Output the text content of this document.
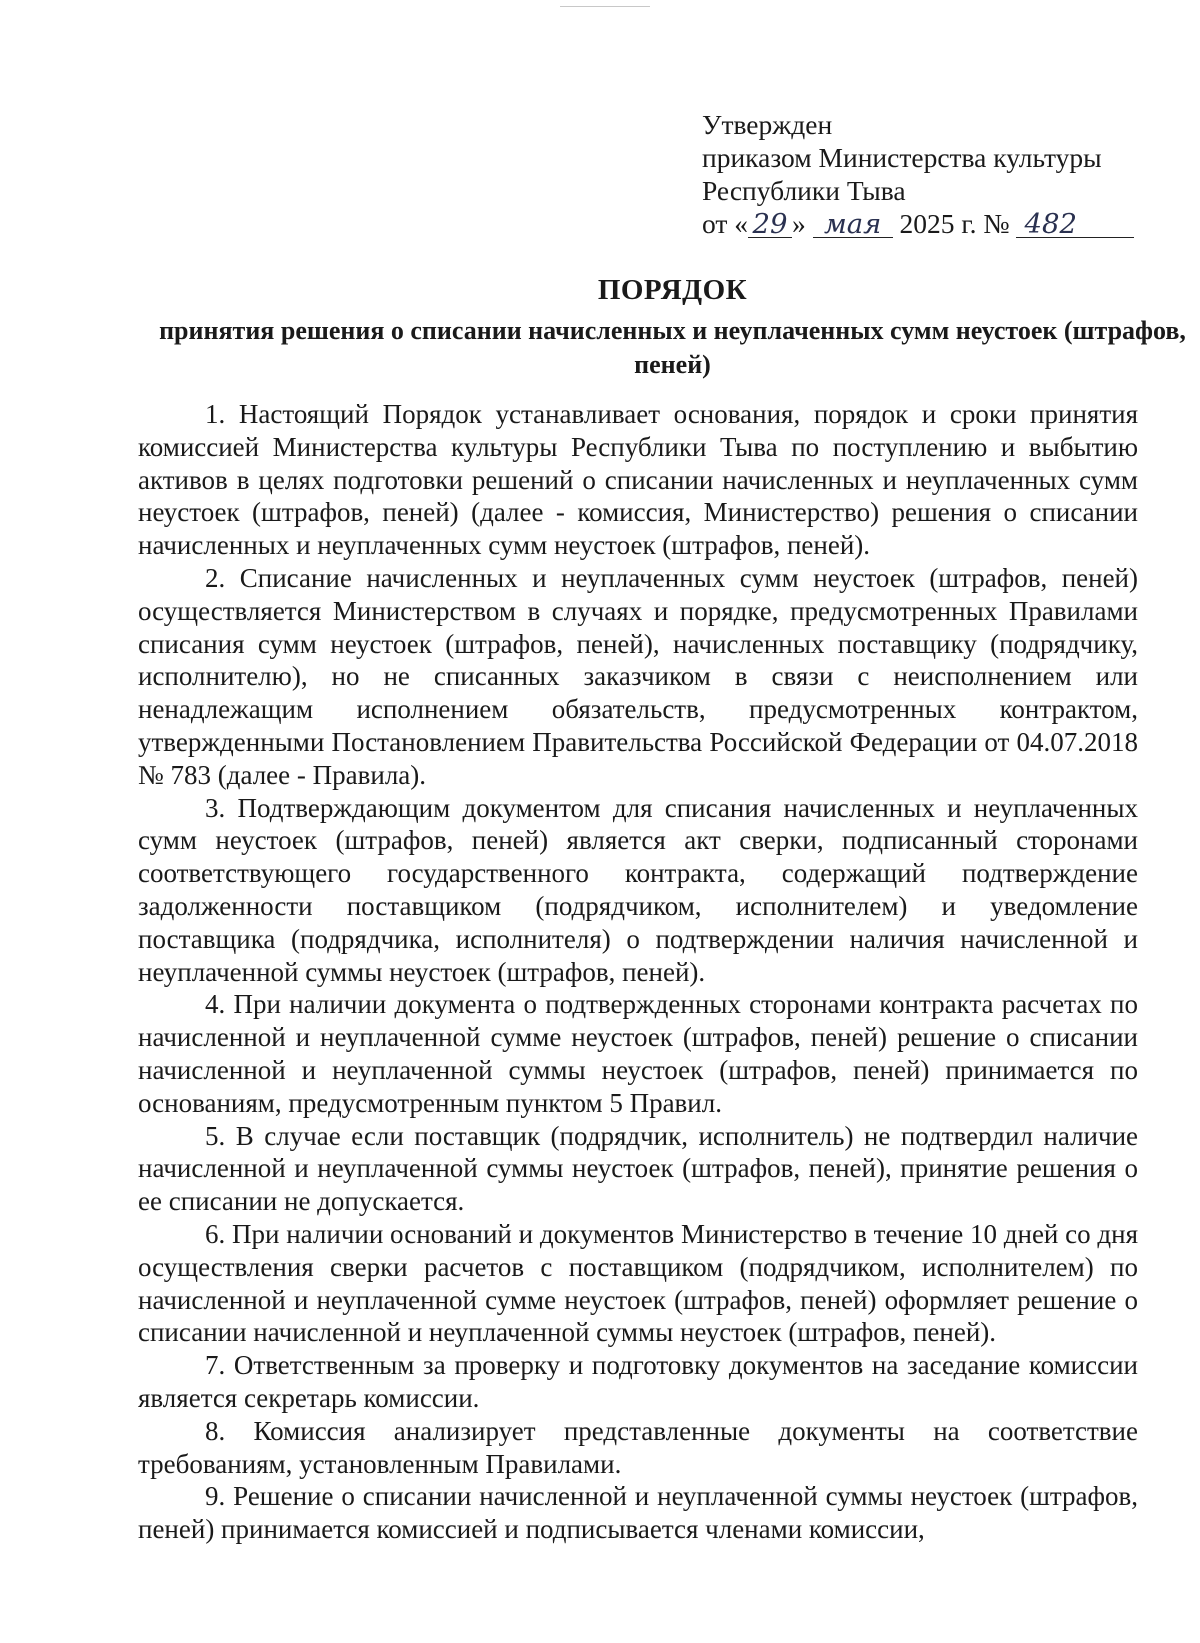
Утвержден
приказом Министерства культуры
Республики Тыва
от « 29 » мая 2025 г. № 482
ПОРЯДОК
принятия решения о списании начисленных и неуплаченных сумм неустоек (штрафов, пеней)

1. Настоящий Порядок устанавливает основания, порядок и сроки принятия комиссией Министерства культуры Республики Тыва по поступлению и выбытию активов в целях подготовки решений о списании начисленных и неуплаченных сумм неустоек (штрафов, пеней) (далее - комиссия, Министерство) решения о списании начисленных и неуплаченных сумм неустоек (штрафов, пеней).

2. Списание начисленных и неуплаченных сумм неустоек (штрафов, пеней) осуществляется Министерством в случаях и порядке, предусмотренных Правилами списания сумм неустоек (штрафов, пеней), начисленных поставщику (подрядчику, исполнителю), но не списанных заказчиком в связи с неисполнением или ненадлежащим исполнением обязательств, предусмотренных контрактом, утвержденными Постановлением Правительства Российской Федерации от 04.07.2018 № 783 (далее - Правила).

3. Подтверждающим документом для списания начисленных и неуплаченных сумм неустоек (штрафов, пеней) является акт сверки, подписанный сторонами соответствующего государственного контракта, содержащий подтверждение задолженности поставщиком (подрядчиком, исполнителем) и уведомление поставщика (подрядчика, исполнителя) о подтверждении наличия начисленной и неуплаченной суммы неустоек (штрафов, пеней).

4. При наличии документа о подтвержденных сторонами контракта расчетах по начисленной и неуплаченной сумме неустоек (штрафов, пеней) решение о списании начисленной и неуплаченной суммы неустоек (штрафов, пеней) принимается по основаниям, предусмотренным пунктом 5 Правил.

5. В случае если поставщик (подрядчик, исполнитель) не подтвердил наличие начисленной и неуплаченной суммы неустоек (штрафов, пеней), принятие решения о ее списании не допускается.

6. При наличии оснований и документов Министерство в течение 10 дней со дня осуществления сверки расчетов с поставщиком (подрядчиком, исполнителем) по начисленной и неуплаченной сумме неустоек (штрафов, пеней) оформляет решение о списании начисленной и неуплаченной суммы неустоек (штрафов, пеней).

7. Ответственным за проверку и подготовку документов на заседание комиссии является секретарь комиссии.

8. Комиссия анализирует представленные документы на соответствие требованиям, установленным Правилами.

9. Решение о списании начисленной и неуплаченной суммы неустоек (штрафов, пеней) принимается комиссией и подписывается членами комиссии,
